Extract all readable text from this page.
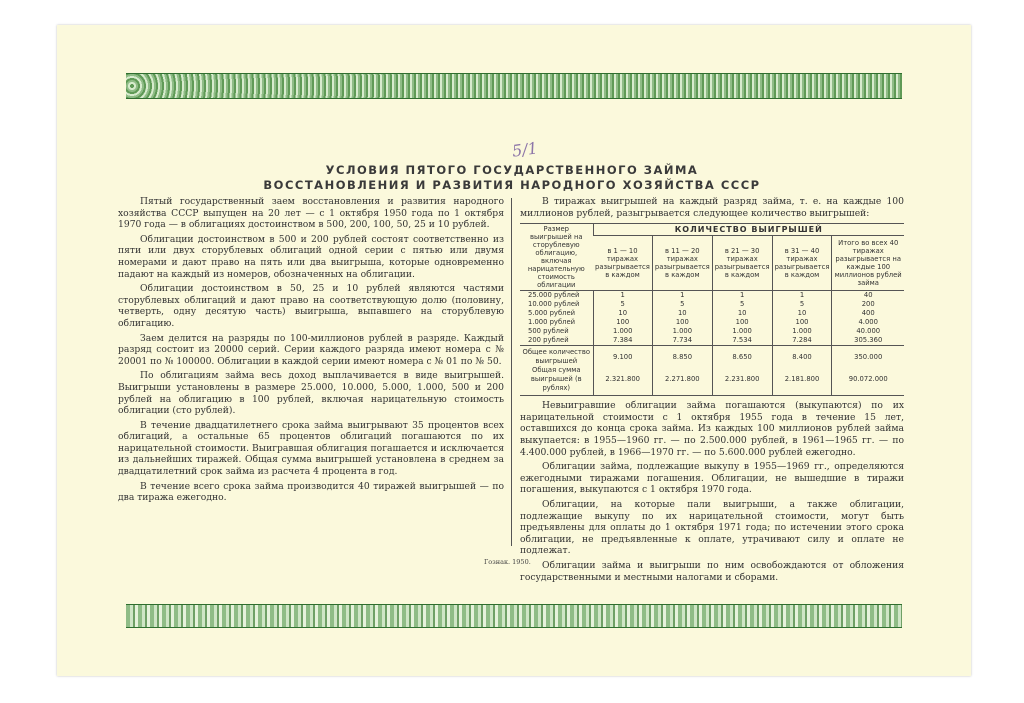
5/1
УСЛОВИЯ ПЯТОГО ГОСУДАРСТВЕННОГО ЗАЙМА
ВОССТАНОВЛЕНИЯ И РАЗВИТИЯ НАРОДНОГО ХОЗЯЙСТВА СССР

Пятый государственный заем восстановления и развития народного хозяйства СССР выпущен на 20 лет — с 1 октября 1950 года по 1 октября 1970 года — в облигациях достоинством в 500, 200, 100, 50, 25 и 10 рублей.

Облигации достоинством в 500 и 200 рублей состоят соответственно из пяти или двух сторублевых облигаций одной серии с пятью или двумя номерами и дают право на пять или два выигрыша, которые одновременно падают на каждый из номеров, обозначенных на облигации.

Облигации достоинством в 50, 25 и 10 рублей являются частями сторублевых облигаций и дают право на соответствующую долю (половину, четверть, одну десятую часть) выигрыша, выпавшего на сторублевую облигацию.

Заем делится на разряды по 100-миллионов рублей в разряде. Каждый разряд состоит из 20000 серий. Серии каждого разряда имеют номера с № 20001 по № 100000. Облигации в каждой серии имеют номера с № 01 по № 50.

По облигациям займа весь доход выплачивается в виде выигрышей. Выигрыши установлены в размере 25.000, 10.000, 5.000, 1.000, 500 и 200 рублей на облигацию в 100 рублей, включая нарицательную стоимость облигации (сто рублей).

В течение двадцатилетнего срока займа выигрывают 35 процентов всех облигаций, а остальные 65 процентов облигаций погашаются по их нарицательной стоимости. Выигравшая облигация погашается и исключается из дальнейших тиражей. Общая сумма выигрышей установлена в среднем за двадцатилетний срок займа из расчета 4 процента в год.

В течение всего срока займа производится 40 тиражей выигрышей — по два тиража ежегодно.

В тиражах выигрышей на каждый разряд займа, т. е. на каждые 100 миллионов рублей, разыгрывается следующее количество выигрышей:

Размер выигрышей на сторублевую облигацию, включая нарицательную стоимость облигации	КОЛИЧЕСТВО ВЫИГРЫШЕЙ				
	в 1 — 10 тиражах разыгрывается в каждом	в 11 — 20 тиражах разыгрывается в каждом	в 21 — 30 тиражах разыгрывается в каждом	в 31 — 40 тиражах разыгрывается в каждом	Итого во всех 40 тиражах разыгрывается на каждые 100 миллионов рублей займа
25.000 рублей	1	1	1	1	40
10.000 рублей	5	5	5	5	200
5.000 рублей	10	10	10	10	400
1.000 рублей	100	100	100	100	4.000
500 рублей	1.000	1.000	1.000	1.000	40.000
200 рублей	7.384	7.734	7.534	7.284	305.360
Общее количество выигрышей	9.100	8.850	8.650	8.400	350.000
Общая сумма выигрышей (в рублях)	2.321.800	2.271.800	2.231.800	2.181.800	90.072.000

Невыигравшие облигации займа погашаются (выкупаются) по их нарицательной стоимости с 1 октября 1955 года в течение 15 лет, оставшихся до конца срока займа. Из каждых 100 миллионов рублей займа выкупается: в 1955—1960 гг. — по 2.500.000 рублей, в 1961—1965 гг. — по 4.400.000 рублей, в 1966—1970 гг. — по 5.600.000 рублей ежегодно.

Облигации займа, подлежащие выкупу в 1955—1969 гг., определяются ежегодными тиражами погашения. Облигации, не вышедшие в тиражи погашения, выкупаются с 1 октября 1970 года.

Облигации, на которые пали выигрыши, а также облигации, подлежащие выкупу по их нарицательной стоимости, могут быть предъявлены для оплаты до 1 октября 1971 года; по истечении этого срока облигации, не предъявленные к оплате, утрачивают силу и оплате не подлежат.

Облигации займа и выигрыши по ним освобождаются от обложения государственными и местными налогами и сборами.

Гознак. 1950.
